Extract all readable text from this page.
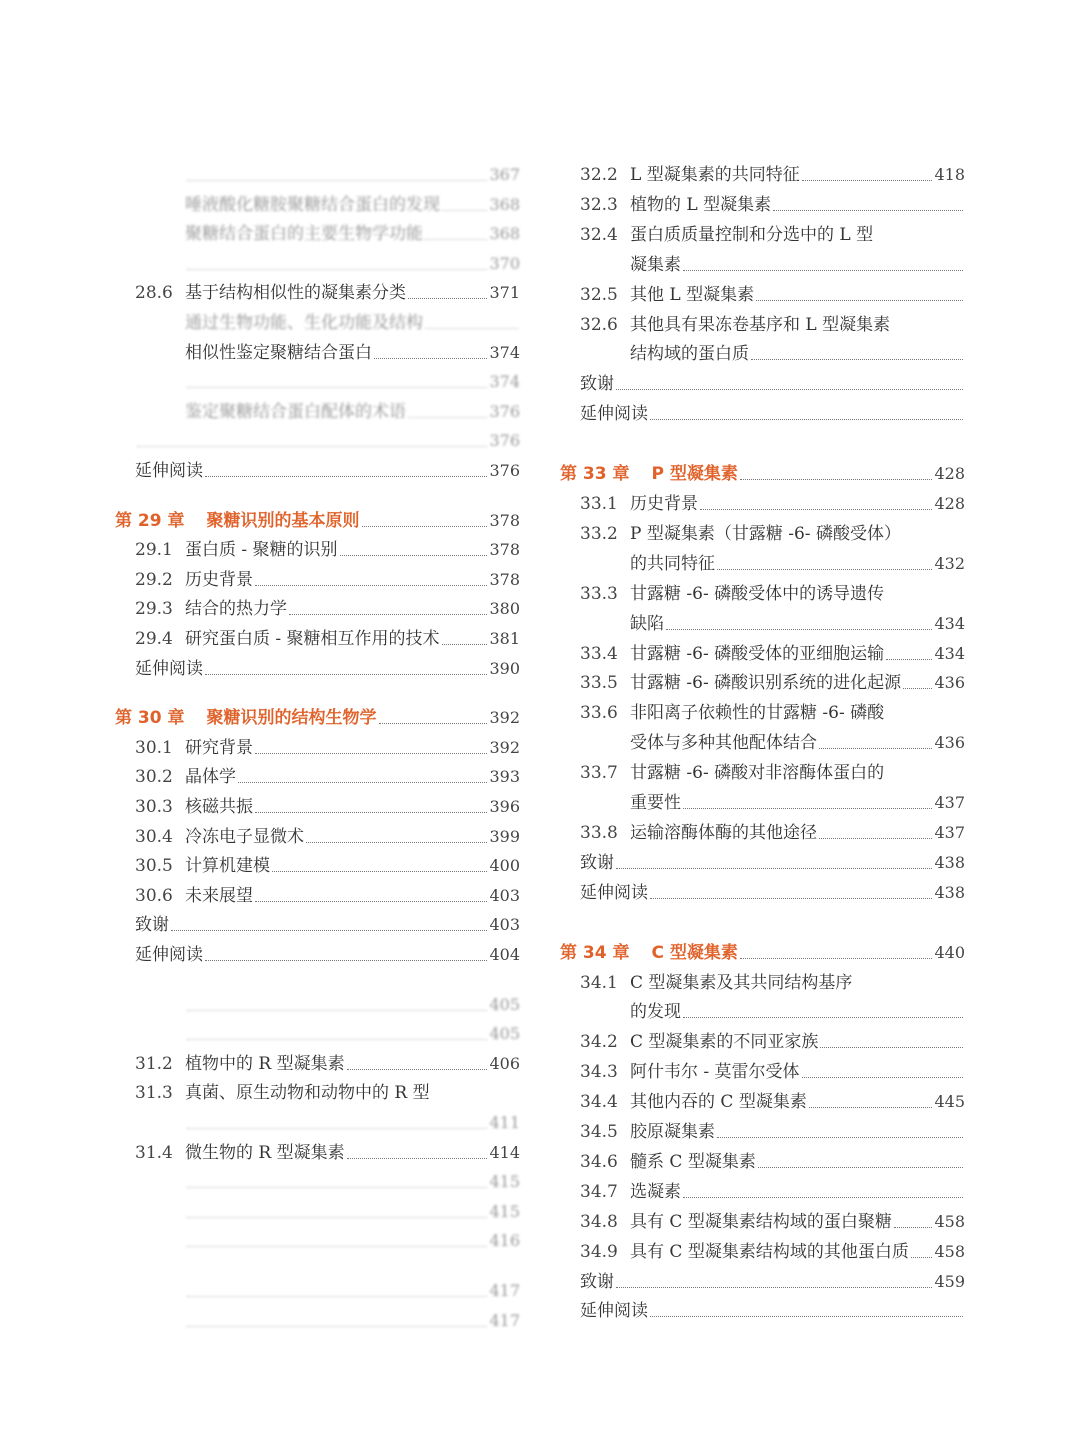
367
唾液酸化糖胺聚糖结合蛋白的发现	368
聚糖结合蛋白的主要生物学功能	368
370
28.6 基于结构相似性的凝集素分类	371
通过生物功能、生化功能及结构
相似性鉴定聚糖结合蛋白	374
374
鉴定聚糖结合蛋白配体的术语	376
376
延伸阅读	376
第 29 章 聚糖识别的基本原则	378
29.1 蛋白质 - 聚糖的识别	378
29.2 历史背景	378
29.3 结合的热力学	380
29.4 研究蛋白质 - 聚糖相互作用的技术	381
延伸阅读	390
第 30 章 聚糖识别的结构生物学	392
30.1 研究背景	392
30.2 晶体学	393
30.3 核磁共振	396
30.4 冷冻电子显微术	399
30.5 计算机建模	400
30.6 未来展望	403
致谢	403
延伸阅读	404
405
405
31.2 植物中的 R 型凝集素	406
31.3 真菌、原生动物和动物中的 R 型
411
31.4 微生物的 R 型凝集素	414
415
415
416
417
417
32.2 L 型凝集素的共同特征	418
32.3 植物的 L 型凝集素
32.4 蛋白质质量控制和分选中的 L 型
凝集素
32.5 其他 L 型凝集素
32.6 其他具有果冻卷基序和 L 型凝集素
结构域的蛋白质
致谢
延伸阅读
第 33 章 P 型凝集素	428
33.1 历史背景	428
33.2 P 型凝集素（甘露糖 -6- 磷酸受体）
的共同特征	432
33.3 甘露糖 -6- 磷酸受体中的诱导遗传
缺陷	434
33.4 甘露糖 -6- 磷酸受体的亚细胞运输	434
33.5 甘露糖 -6- 磷酸识别系统的进化起源 436
33.6 非阳离子依赖性的甘露糖 -6- 磷酸
受体与多种其他配体结合	436
33.7 甘露糖 -6- 磷酸对非溶酶体蛋白的
重要性	437
33.8 运输溶酶体酶的其他途径	437
致谢	438
延伸阅读	438
第 34 章 C 型凝集素	440
34.1 C 型凝集素及其共同结构基序
的发现
34.2 C 型凝集素的不同亚家族
34.3 阿什韦尔 - 莫雷尔受体
34.4 其他内吞的 C 型凝集素	445
34.5 胶原凝集素
34.6 髓系 C 型凝集素
34.7 选凝素
34.8 具有 C 型凝集素结构域的蛋白聚糖	458
34.9 具有 C 型凝集素结构域的其他蛋白质 458
致谢	459
延伸阅读
